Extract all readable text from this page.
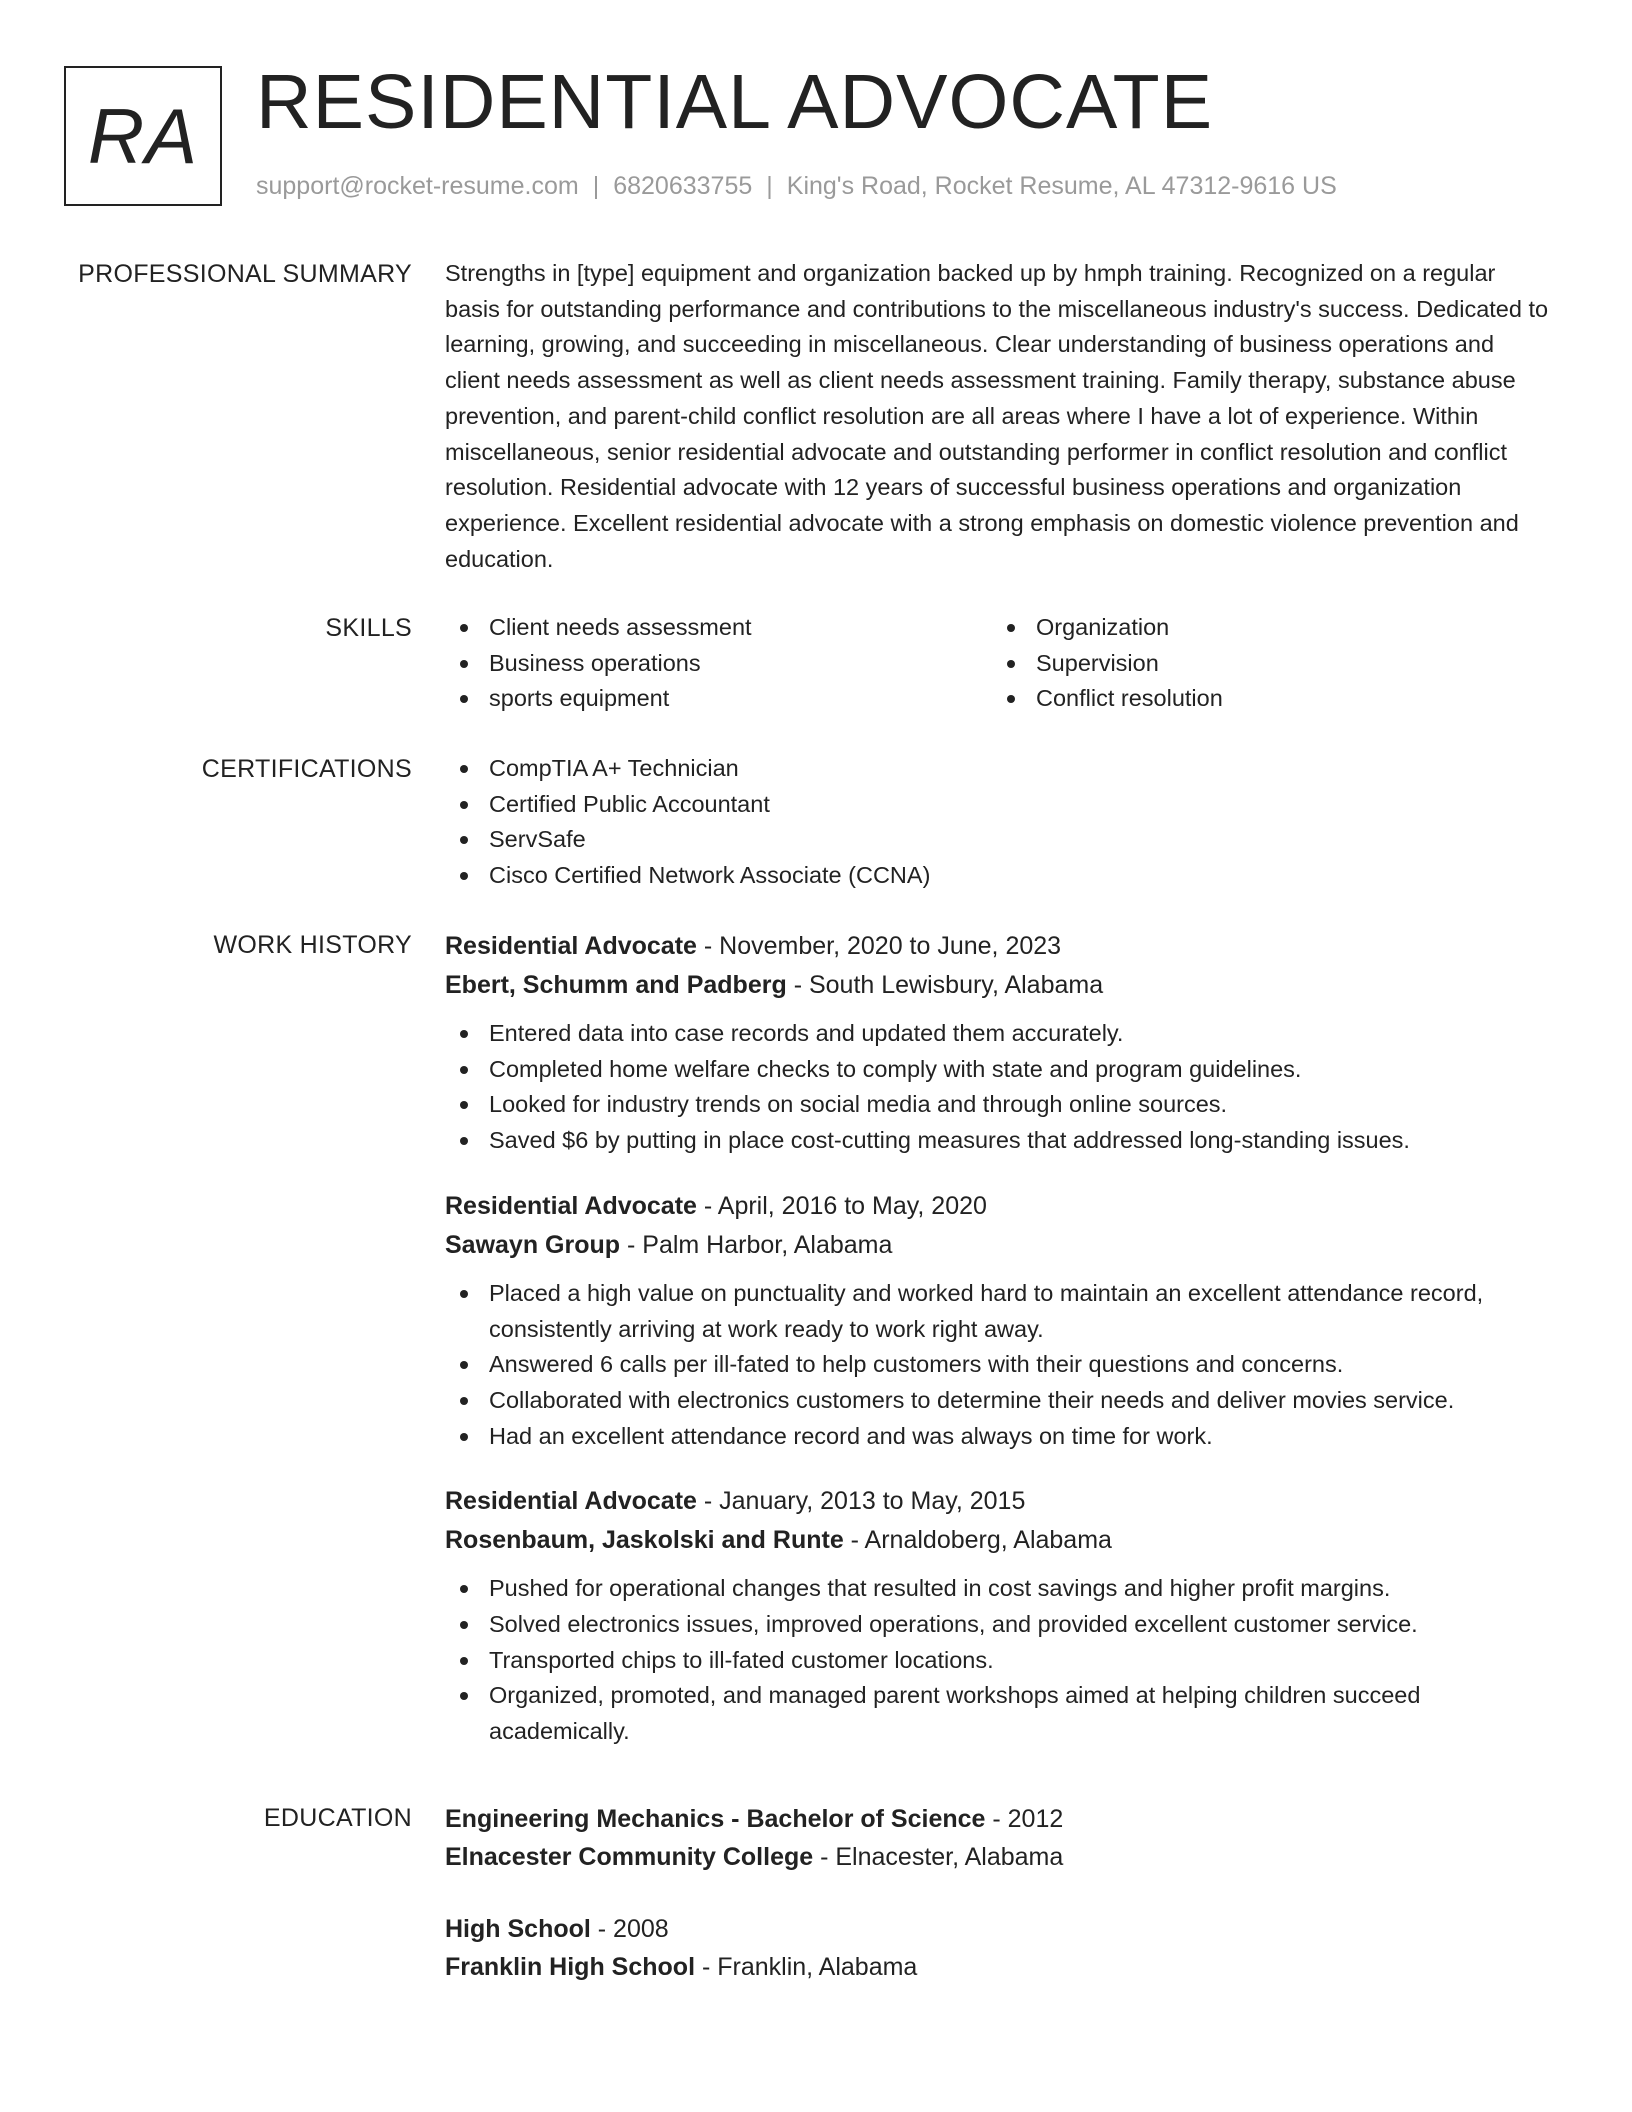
RA RESIDENTIAL ADVOCATE
support@rocket-resume.com | 6820633755 | King's Road, Rocket Resume, AL 47312-9616 US
PROFESSIONAL SUMMARY Strengths in [type] equipment and organization backed up by hmph training. Recognized on a regular basis for outstanding performance and contributions to the miscellaneous industry's success. Dedicated to learning, growing, and succeeding in miscellaneous. Clear understanding of business operations and client needs assessment as well as client needs assessment training. Family therapy, substance abuse prevention, and parent-child conflict resolution are all areas where I have a lot of experience. Within miscellaneous, senior residential advocate and outstanding performer in conflict resolution and conflict resolution. Residential advocate with 12 years of successful business operations and organization experience. Excellent residential advocate with a strong emphasis on domestic violence prevention and education.

SKILLS	Client needs assessment
Business operations
sports equipment
Organization
Supervision
Conflict resolution
CERTIFICATIONS	CompTIA A+ Technician
Certified Public Accountant
ServSafe
Cisco Certified Network Associate (CCNA)
WORK HISTORY Residential Advocate - November, 2020 to June, 2023
Ebert, Schumm and Padberg - South Lewisbury, Alabama
Entered data into case records and updated them accurately.
Completed home welfare checks to comply with state and program guidelines.
Looked for industry trends on social media and through online sources.
Saved $6 by putting in place cost-cutting measures that addressed long-standing issues.
Residential Advocate - April, 2016 to May, 2020
Sawayn Group - Palm Harbor, Alabama
Placed a high value on punctuality and worked hard to maintain an excellent attendance record, consistently arriving at work ready to work right away.
Answered 6 calls per ill-fated to help customers with their questions and concerns.
Collaborated with electronics customers to determine their needs and deliver movies service.
Had an excellent attendance record and was always on time for work.
Residential Advocate - January, 2013 to May, 2015
Rosenbaum, Jaskolski and Runte - Arnaldoberg, Alabama
Pushed for operational changes that resulted in cost savings and higher profit margins.
Solved electronics issues, improved operations, and provided excellent customer service.
Transported chips to ill-fated customer locations.
Organized, promoted, and managed parent workshops aimed at helping children succeed academically.
EDUCATION Engineering Mechanics - Bachelor of Science - 2012
Elnacester Community College - Elnacester, Alabama
High School - 2008
Franklin High School - Franklin, Alabama
